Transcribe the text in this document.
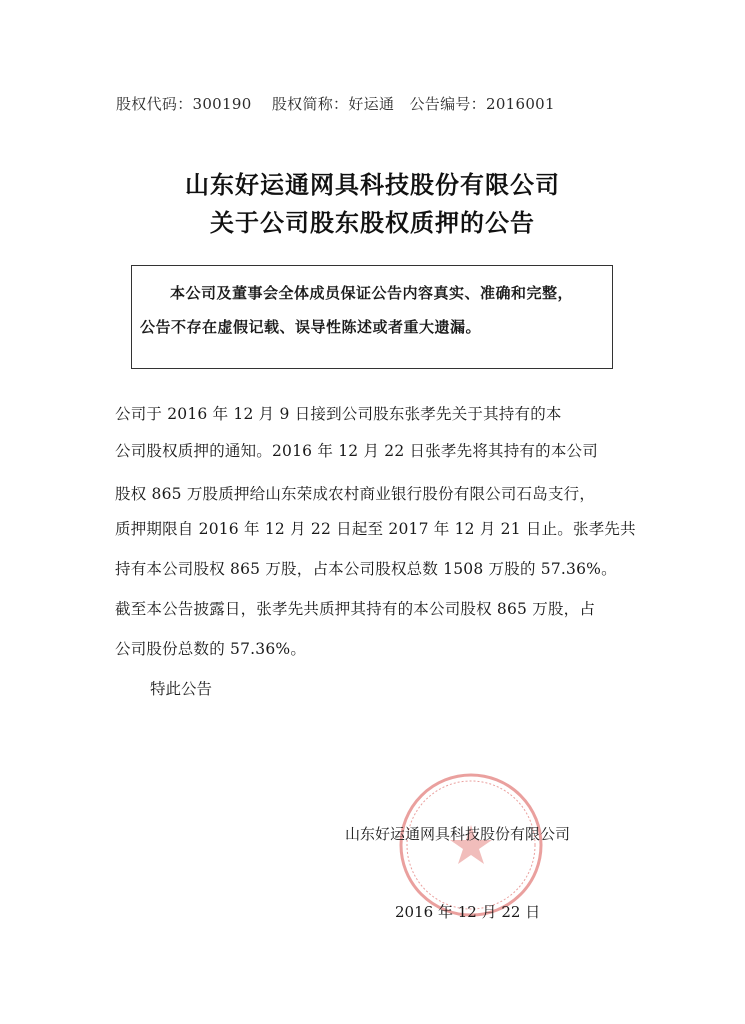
股权代码：300190 股权简称：好运通 公告编号：2016001
山东好运通网具科技股份有限公司
关于公司股东股权质押的公告
本公司及董事会全体成员保证公告内容真实、准确和完整，
公告不存在虚假记载、误导性陈述或者重大遗漏。
公司于 2016 年 12 月 9 日接到公司股东张孝先关于其持有的本
公司股权质押的通知。2016 年 12 月 22 日张孝先将其持有的本公司
股权 865 万股质押给山东荣成农村商业银行股份有限公司石岛支行，
质押期限自 2016 年 12 月 22 日起至 2017 年 12 月 21 日止。张孝先共
持有本公司股权 865 万股，占本公司股权总数 1508 万股的 57.36%。
截至本公告披露日，张孝先共质押其持有的本公司股权 865 万股，占
公司股份总数的 57.36%。
特此公告
山东好运通网具科技股份有限公司
2016 年 12 月 22 日
